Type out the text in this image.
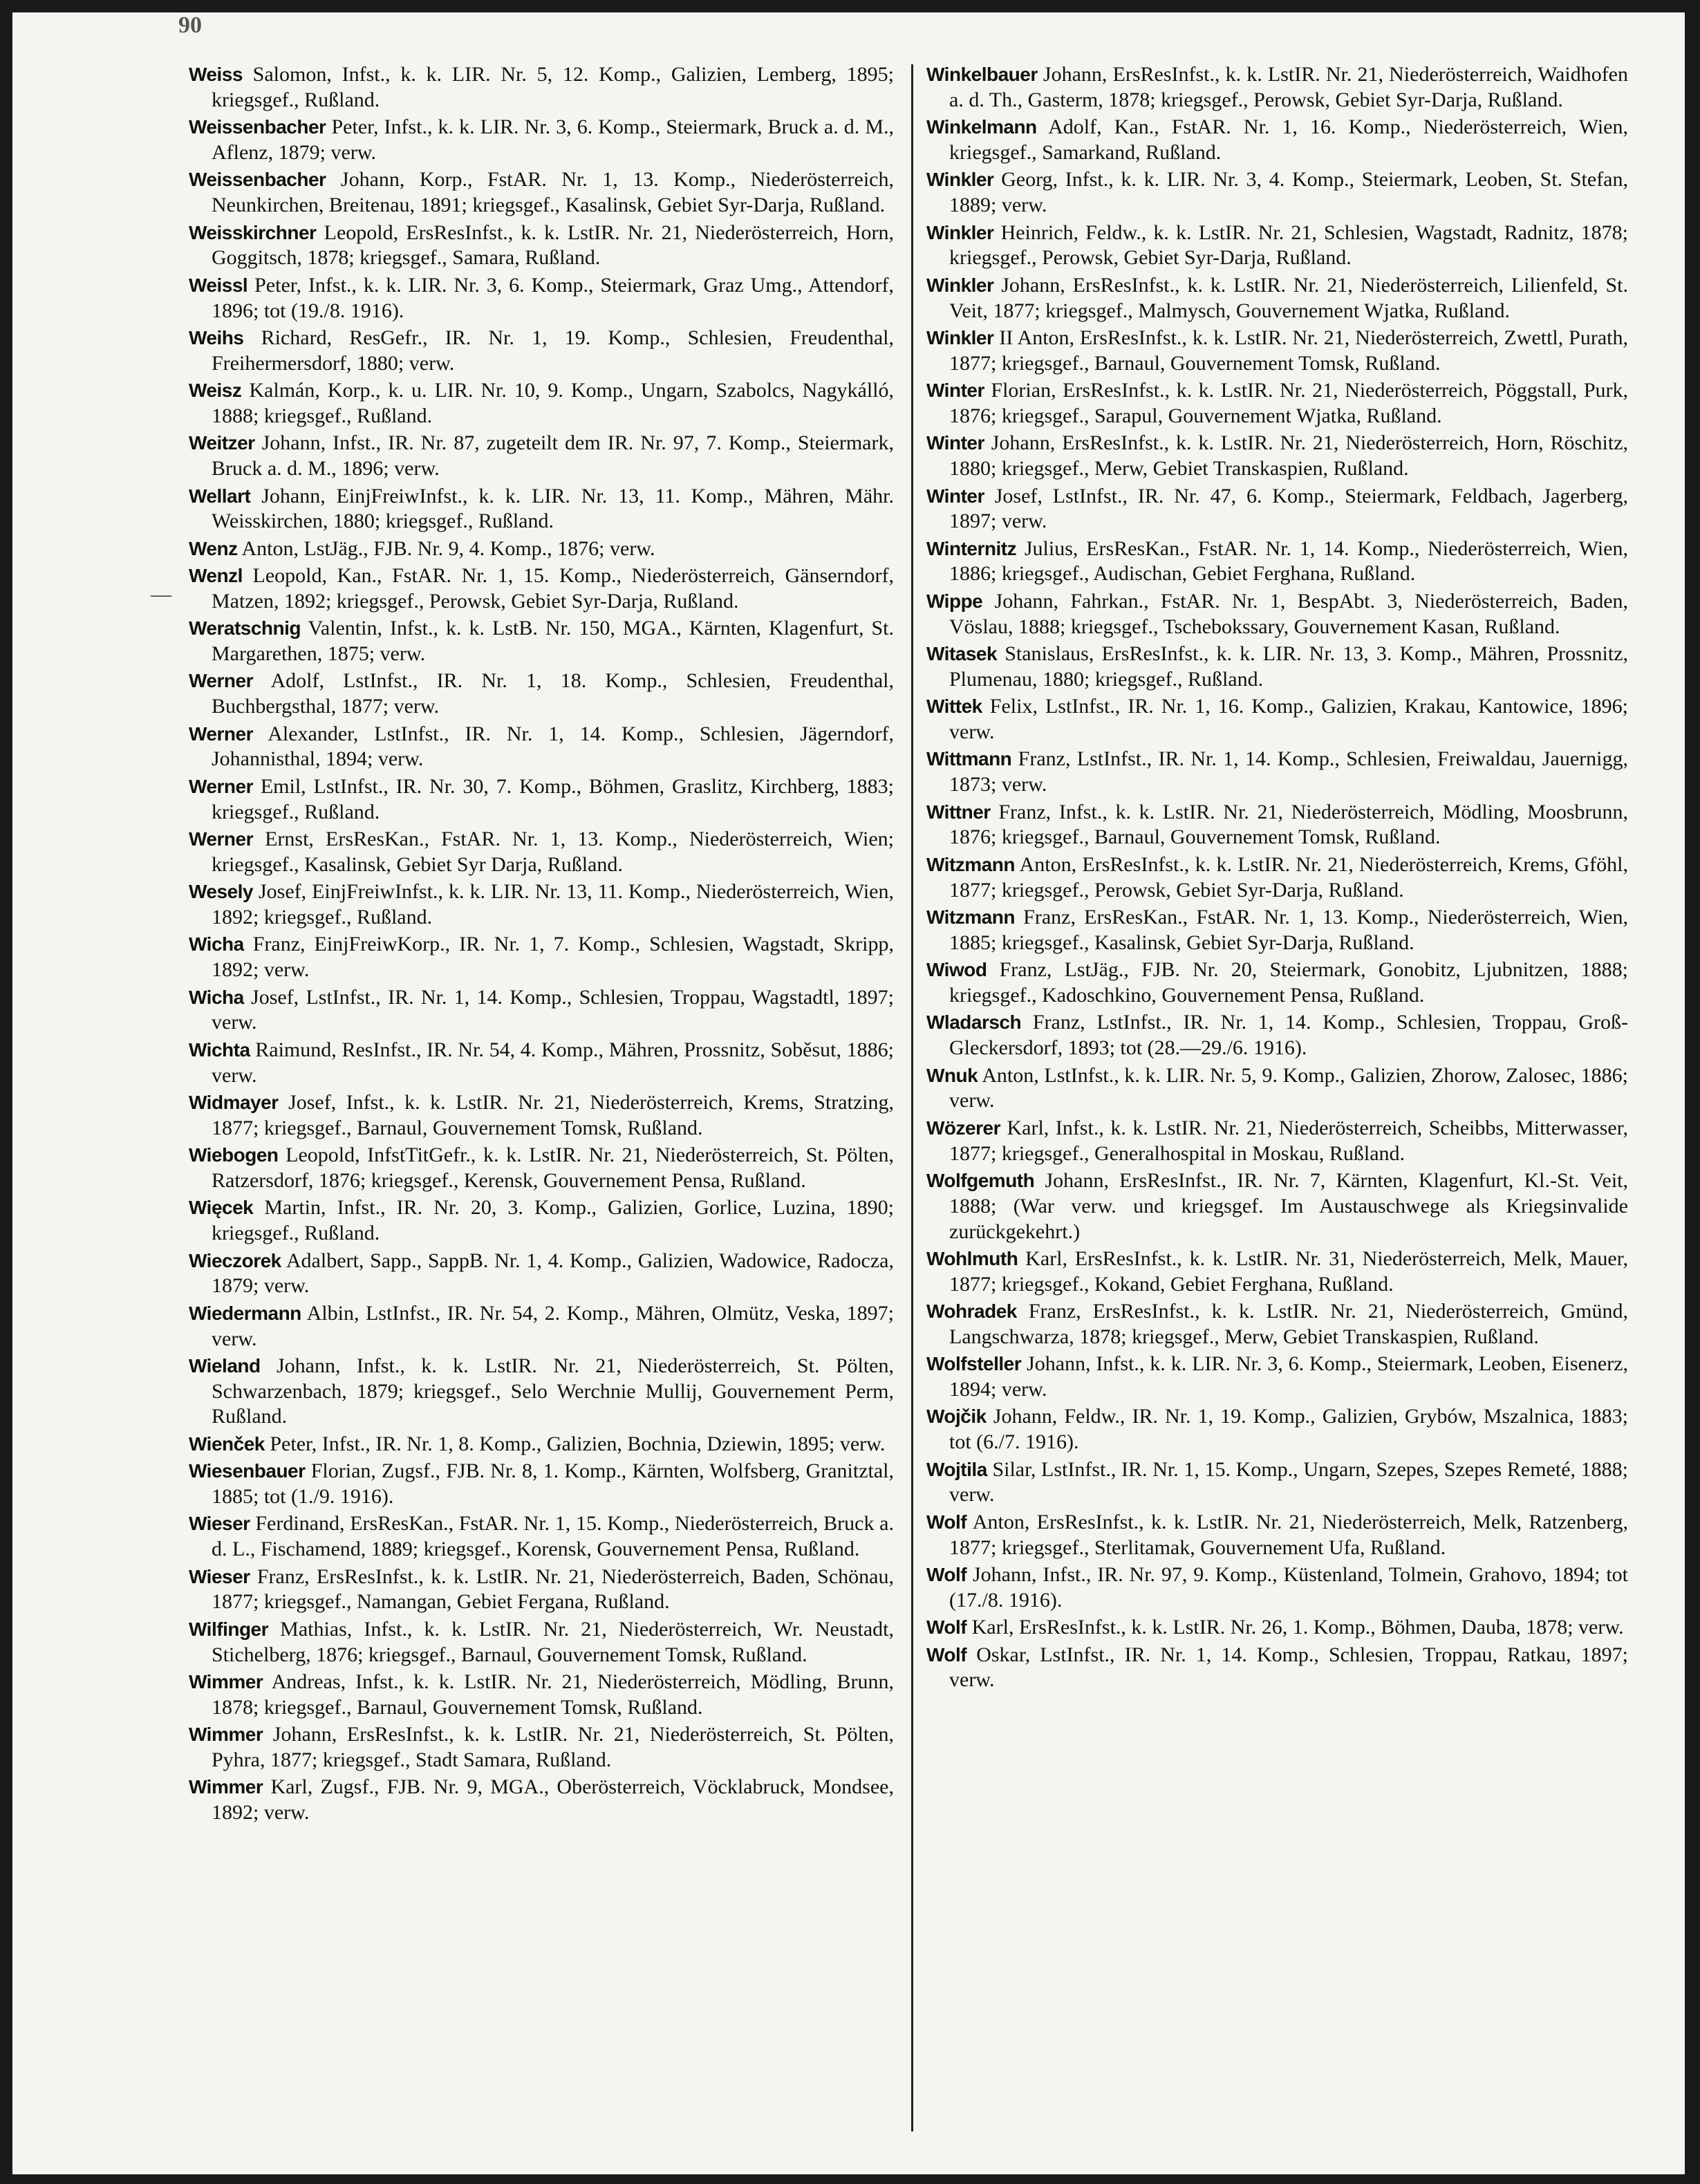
90
Weiss Salomon, Infst., k. k. LIR. Nr. 5, 12. Komp., Galizien, Lemberg, 1895; kriegsgef., Rußland.
Weissenbacher Peter, Infst., k. k. LIR. Nr. 3, 6. Komp., Steiermark, Bruck a. d. M., Aflenz, 1879; verw.
Weissenbacher Johann, Korp., FstAR. Nr. 1, 13. Komp., Niederösterreich, Neunkirchen, Breitenau, 1891; kriegsgef., Kasalinsk, Gebiet Syr-Darja, Rußland.
Weisskirchner Leopold, ErsResInfst., k. k. LstIR. Nr. 21, Niederösterreich, Horn, Goggitsch, 1878; kriegsgef., Samara, Rußland.
Weissl Peter, Infst., k. k. LIR. Nr. 3, 6. Komp., Steiermark, Graz Umg., Attendorf, 1896; tot (19./8. 1916).
Weihs Richard, ResGefr., IR. Nr. 1, 19. Komp., Schlesien, Freudenthal, Freihermersdorf, 1880; verw.
Weisz Kalmán, Korp., k. u. LIR. Nr. 10, 9. Komp., Ungarn, Szabolcs, Nagykálló, 1888; kriegsgef., Rußland.
Weitzer Johann, Infst., IR. Nr. 87, zugeteilt dem IR. Nr. 97, 7. Komp., Steiermark, Bruck a. d. M., 1896; verw.
Wellart Johann, EinjFreiwInfst., k. k. LIR. Nr. 13, 11. Komp., Mähren, Mähr. Weisskirchen, 1880; kriegsgef., Rußland.
Wenz Anton, LstJäg., FJB. Nr. 9, 4. Komp., 1876; verw.
Wenzl Leopold, Kan., FstAR. Nr. 1, 15. Komp., Niederösterreich, Gänserndorf, Matzen, 1892; kriegsgef., Perowsk, Gebiet Syr-Darja, Rußland.
Weratschnig Valentin, Infst., k. k. LstB. Nr. 150, MGA., Kärnten, Klagenfurt, St. Margarethen, 1875; verw.
Werner Adolf, LstInfst., IR. Nr. 1, 18. Komp., Schlesien, Freudenthal, Buchbergsthal, 1877; verw.
Werner Alexander, LstInfst., IR. Nr. 1, 14. Komp., Schlesien, Jägerndorf, Johannisthal, 1894; verw.
Werner Emil, LstInfst., IR. Nr. 30, 7. Komp., Böhmen, Graslitz, Kirchberg, 1883; kriegsgef., Rußland.
Werner Ernst, ErsResKan., FstAR. Nr. 1, 13. Komp., Niederösterreich, Wien; kriegsgef., Kasalinsk, Gebiet Syr Darja, Rußland.
Wesely Josef, EinjFreiwInfst., k. k. LIR. Nr. 13, 11. Komp., Niederösterreich, Wien, 1892; kriegsgef., Rußland.
Wicha Franz, EinjFreiwKorp., IR. Nr. 1, 7. Komp., Schlesien, Wagstadt, Skripp, 1892; verw.
Wicha Josef, LstInfst., IR. Nr. 1, 14. Komp., Schlesien, Troppau, Wagstadtl, 1897; verw.
Wichta Raimund, ResInfst., IR. Nr. 54, 4. Komp., Mähren, Prossnitz, Soběsut, 1886; verw.
Widmayer Josef, Infst., k. k. LstIR. Nr. 21, Niederösterreich, Krems, Stratzing, 1877; kriegsgef., Barnaul, Gouvernement Tomsk, Rußland.
Wiebogen Leopold, InfstTitGefr., k. k. LstIR. Nr. 21, Niederösterreich, St. Pölten, Ratzersdorf, 1876; kriegsgef., Kerensk, Gouvernement Pensa, Rußland.
Więcek Martin, Infst., IR. Nr. 20, 3. Komp., Galizien, Gorlice, Luzina, 1890; kriegsgef., Rußland.
Wieczorek Adalbert, Sapp., SappB. Nr. 1, 4. Komp., Galizien, Wadowice, Radocza, 1879; verw.
Wiedermann Albin, LstInfst., IR. Nr. 54, 2. Komp., Mähren, Olmütz, Veska, 1897; verw.
Wieland Johann, Infst., k. k. LstIR. Nr. 21, Niederösterreich, St. Pölten, Schwarzenbach, 1879; kriegsgef., Selo Werchnie Mullij, Gouvernement Perm, Rußland.
Wienček Peter, Infst., IR. Nr. 1, 8. Komp., Galizien, Bochnia, Dziewin, 1895; verw.
Wiesenbauer Florian, Zugsf., FJB. Nr. 8, 1. Komp., Kärnten, Wolfsberg, Granitztal, 1885; tot (1./9. 1916).
Wieser Ferdinand, ErsResKan., FstAR. Nr. 1, 15. Komp., Niederösterreich, Bruck a. d. L., Fischamend, 1889; kriegsgef., Korensk, Gouvernement Pensa, Rußland.
Wieser Franz, ErsResInfst., k. k. LstIR. Nr. 21, Niederösterreich, Baden, Schönau, 1877; kriegsgef., Namangan, Gebiet Fergana, Rußland.
Wilfinger Mathias, Infst., k. k. LstIR. Nr. 21, Niederösterreich, Wr. Neustadt, Stichelberg, 1876; kriegsgef., Barnaul, Gouvernement Tomsk, Rußland.
Wimmer Andreas, Infst., k. k. LstIR. Nr. 21, Niederösterreich, Mödling, Brunn, 1878; kriegsgef., Barnaul, Gouvernement Tomsk, Rußland.
Wimmer Johann, ErsResInfst., k. k. LstIR. Nr. 21, Niederösterreich, St. Pölten, Pyhra, 1877; kriegsgef., Stadt Samara, Rußland.
Wimmer Karl, Zugsf., FJB. Nr. 9, MGA., Oberösterreich, Vöcklabruck, Mondsee, 1892; verw.
Winkelbauer Johann, ErsResInfst., k. k. LstIR. Nr. 21, Niederösterreich, Waidhofen a. d. Th., Gasterm, 1878; kriegsgef., Perowsk, Gebiet Syr-Darja, Rußland.
Winkelmann Adolf, Kan., FstAR. Nr. 1, 16. Komp., Niederösterreich, Wien, kriegsgef., Samarkand, Rußland.
Winkler Georg, Infst., k. k. LIR. Nr. 3, 4. Komp., Steiermark, Leoben, St. Stefan, 1889; verw.
Winkler Heinrich, Feldw., k. k. LstIR. Nr. 21, Schlesien, Wagstadt, Radnitz, 1878; kriegsgef., Perowsk, Gebiet Syr-Darja, Rußland.
Winkler Johann, ErsResInfst., k. k. LstIR. Nr. 21, Niederösterreich, Lilienfeld, St. Veit, 1877; kriegsgef., Malmysch, Gouvernement Wjatka, Rußland.
Winkler II Anton, ErsResInfst., k. k. LstIR. Nr. 21, Niederösterreich, Zwettl, Purath, 1877; kriegsgef., Barnaul, Gouvernement Tomsk, Rußland.
Winter Florian, ErsResInfst., k. k. LstIR. Nr. 21, Niederösterreich, Pöggstall, Purk, 1876; kriegsgef., Sarapul, Gouvernement Wjatka, Rußland.
Winter Johann, ErsResInfst., k. k. LstIR. Nr. 21, Niederösterreich, Horn, Röschitz, 1880; kriegsgef., Merw, Gebiet Transkaspien, Rußland.
Winter Josef, LstInfst., IR. Nr. 47, 6. Komp., Steiermark, Feldbach, Jagerberg, 1897; verw.
Winternitz Julius, ErsResKan., FstAR. Nr. 1, 14. Komp., Niederösterreich, Wien, 1886; kriegsgef., Audischan, Gebiet Ferghana, Rußland.
Wippe Johann, Fahrkan., FstAR. Nr. 1, BespAbt. 3, Niederösterreich, Baden, Vöslau, 1888; kriegsgef., Tschebokssary, Gouvernement Kasan, Rußland.
Witasek Stanislaus, ErsResInfst., k. k. LIR. Nr. 13, 3. Komp., Mähren, Prossnitz, Plumenau, 1880; kriegsgef., Rußland.
Wittek Felix, LstInfst., IR. Nr. 1, 16. Komp., Galizien, Krakau, Kantowice, 1896; verw.
Wittmann Franz, LstInfst., IR. Nr. 1, 14. Komp., Schlesien, Freiwaldau, Jauernigg, 1873; verw.
Wittner Franz, Infst., k. k. LstIR. Nr. 21, Niederösterreich, Mödling, Moosbrunn, 1876; kriegsgef., Barnaul, Gouvernement Tomsk, Rußland.
Witzmann Anton, ErsResInfst., k. k. LstIR. Nr. 21, Niederösterreich, Krems, Gföhl, 1877; kriegsgef., Perowsk, Gebiet Syr-Darja, Rußland.
Witzmann Franz, ErsResKan., FstAR. Nr. 1, 13. Komp., Niederösterreich, Wien, 1885; kriegsgef., Kasalinsk, Gebiet Syr-Darja, Rußland.
Wiwod Franz, LstJäg., FJB. Nr. 20, Steiermark, Gonobitz, Ljubnitzen, 1888; kriegsgef., Kadoschkino, Gouvernement Pensa, Rußland.
Wladarsch Franz, LstInfst., IR. Nr. 1, 14. Komp., Schlesien, Troppau, Groß-Gleckersdorf, 1893; tot (28.—29./6. 1916).
Wnuk Anton, LstInfst., k. k. LIR. Nr. 5, 9. Komp., Galizien, Zhorow, Zalosec, 1886; verw.
Wözerer Karl, Infst., k. k. LstIR. Nr. 21, Niederösterreich, Scheibbs, Mitterwasser, 1877; kriegsgef., Generalhospital in Moskau, Rußland.
Wolfgemuth Johann, ErsResInfst., IR. Nr. 7, Kärnten, Klagenfurt, Kl.-St. Veit, 1888; (War verw. und kriegsgef. Im Austauschwege als Kriegsinvalide zurückgekehrt.)
Wohlmuth Karl, ErsResInfst., k. k. LstIR. Nr. 31, Niederösterreich, Melk, Mauer, 1877; kriegsgef., Kokand, Gebiet Ferghana, Rußland.
Wohradek Franz, ErsResInfst., k. k. LstIR. Nr. 21, Niederösterreich, Gmünd, Langschwarza, 1878; kriegsgef., Merw, Gebiet Transkaspien, Rußland.
Wolfsteller Johann, Infst., k. k. LIR. Nr. 3, 6. Komp., Steiermark, Leoben, Eisenerz, 1894; verw.
Wojčik Johann, Feldw., IR. Nr. 1, 19. Komp., Galizien, Grybów, Mszalnica, 1883; tot (6./7. 1916).
Wojtila Silar, LstInfst., IR. Nr. 1, 15. Komp., Ungarn, Szepes, Szepes Remeté, 1888; verw.
Wolf Anton, ErsResInfst., k. k. LstIR. Nr. 21, Niederösterreich, Melk, Ratzenberg, 1877; kriegsgef., Sterlitamak, Gouvernement Ufa, Rußland.
Wolf Johann, Infst., IR. Nr. 97, 9. Komp., Küstenland, Tolmein, Grahovo, 1894; tot (17./8. 1916).
Wolf Karl, ErsResInfst., k. k. LstIR. Nr. 26, 1. Komp., Böhmen, Dauba, 1878; verw.
Wolf Oskar, LstInfst., IR. Nr. 1, 14. Komp., Schlesien, Troppau, Ratkau, 1897; verw.
—
